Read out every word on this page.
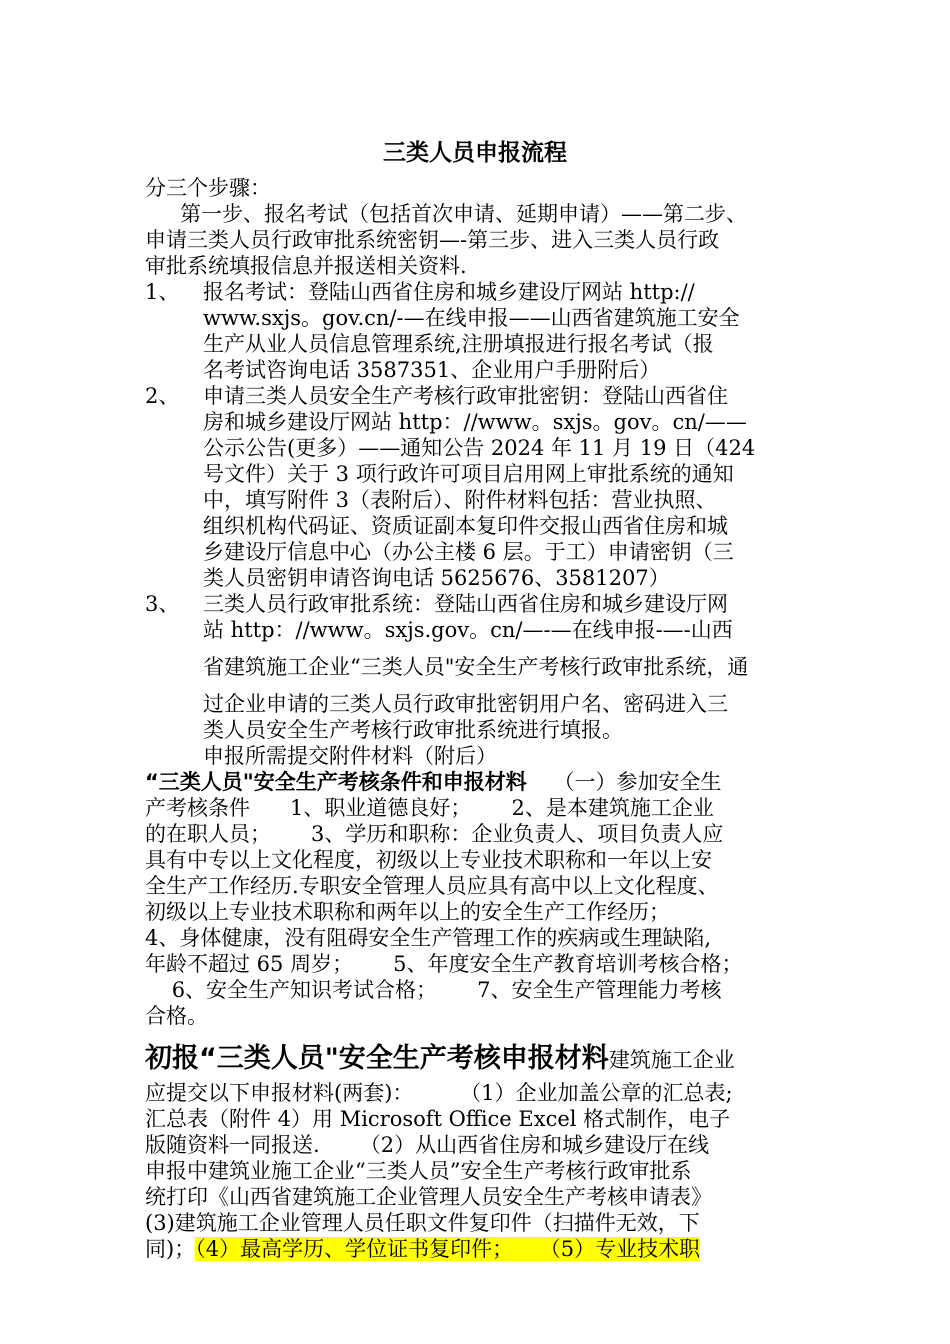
三类人员申报流程
分三个步骤：
第一步、报名考试（包括首次申请、延期申请）——第二步、
申请三类人员行政审批系统密钥—-第三步、进入三类人员行政
审批系统填报信息并报送相关资料.
1、 报名考试：登陆山西省住房和城乡建设厅网站 http://
www.sxjs。gov.cn/-—在线申报——山西省建筑施工安全
生产从业人员信息管理系统,注册填报进行报名考试（报
名考试咨询电话 3587351、企业用户手册附后）
2、 申请三类人员安全生产考核行政审批密钥：登陆山西省住
房和城乡建设厅网站 http：//www。sxjs。gov。cn/——
公示公告(更多）——通知公告 2024 年 11 月 19 日（424
号文件）关于 3 项行政许可项目启用网上审批系统的通知
中，填写附件 3（表附后）、附件材料包括：营业执照、
组织机构代码证、资质证副本复印件交报山西省住房和城
乡建设厅信息中心（办公主楼 6 层。于工）申请密钥（三
类人员密钥申请咨询电话 5625676、3581207）
3、 三类人员行政审批系统：登陆山西省住房和城乡建设厅网
站 http：//www。sxjs.gov。cn/—-—在线申报-—-山西
省建筑施工企业“三类人员"安全生产考核行政审批系统，通
过企业申请的三类人员行政审批密钥用户名、密码进入三
类人员安全生产考核行政审批系统进行填报。
申报所需提交附件材料（附后）
“三类人员"安全生产考核条件和申报材料 （一）参加安全生
产考核条件      1、职业道德良好；      2、是本建筑施工企业
的在职人员；      3、学历和职称：企业负责人、项目负责人应
具有中专以上文化程度，初级以上专业技术职称和一年以上安
全生产工作经历.专职安全管理人员应具有高中以上文化程度、
初级以上专业技术职称和两年以上的安全生产工作经历；
4、身体健康，没有阻碍安全生产管理工作的疾病或生理缺陷,
年龄不超过 65 周岁；      5、年度安全生产教育培训考核合格；
6、安全生产知识考试合格；      7、安全生产管理能力考核
合格。
初报“三类人员"安全生产考核申报材料建筑施工企业
应提交以下申报材料(两套)：       （1）企业加盖公章的汇总表;
汇总表（附件 4）用 Microsoft Office Excel 格式制作，电子
版随资料一同报送.      （2）从山西省住房和城乡建设厅在线
申报中建筑业施工企业“三类人员”安全生产考核行政审批系
统打印《山西省建筑施工企业管理人员安全生产考核申请表》
(3)建筑施工企业管理人员任职文件复印件（扫描件无效，下
同)；（4）最高学历、学位证书复印件；    （5）专业技术职
